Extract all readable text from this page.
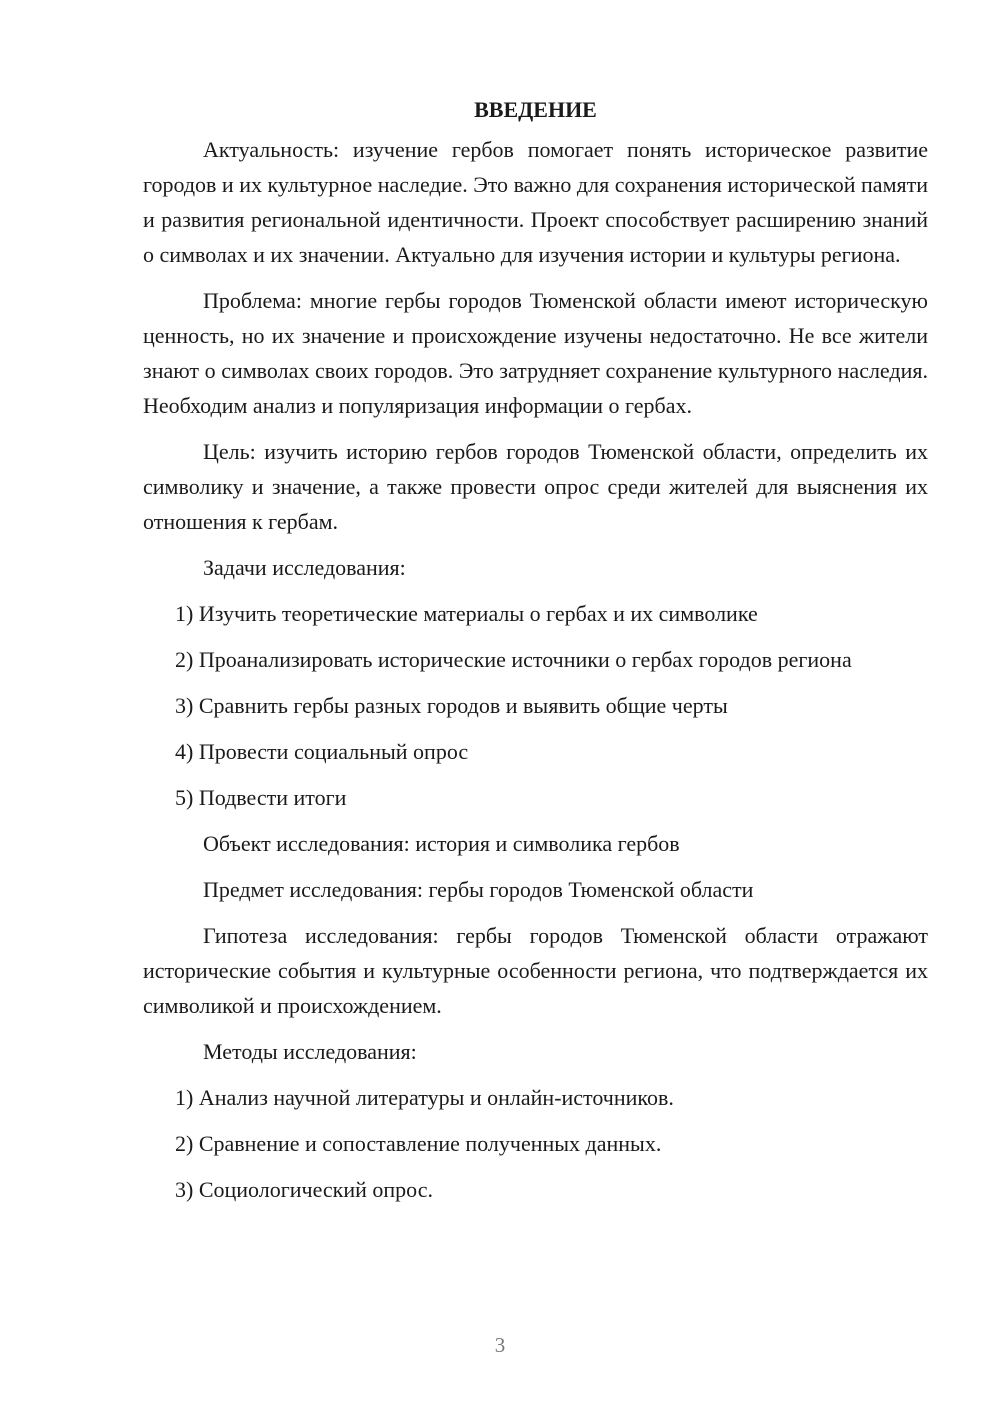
ВВЕДЕНИЕ
Актуальность: изучение гербов помогает понять историческое развитие городов и их культурное наследие. Это важно для сохранения исторической памяти и развития региональной идентичности. Проект способствует расширению знаний о символах и их значении. Актуально для изучения истории и культуры региона.
Проблема: многие гербы городов Тюменской области имеют историческую ценность, но их значение и происхождение изучены недостаточно. Не все жители знают о символах своих городов. Это затрудняет сохранение культурного наследия. Необходим анализ и популяризация информации о гербах.
Цель: изучить историю гербов городов Тюменской области, определить их символику и значение, а также провести опрос среди жителей для выяснения их отношения к гербам.
Задачи исследования:
1) Изучить теоретические материалы о гербах и их символике
2) Проанализировать исторические источники о гербах городов региона
3) Сравнить гербы разных городов и выявить общие черты
4) Провести социальный опрос
5) Подвести итоги
Объект исследования: история и символика гербов
Предмет исследования: гербы городов Тюменской области
Гипотеза исследования: гербы городов Тюменской области отражают исторические события и культурные особенности региона, что подтверждается их символикой и происхождением.
Методы исследования:
1) Анализ научной литературы и онлайн-источников.
2) Сравнение и сопоставление полученных данных.
3) Социологический опрос.
3
